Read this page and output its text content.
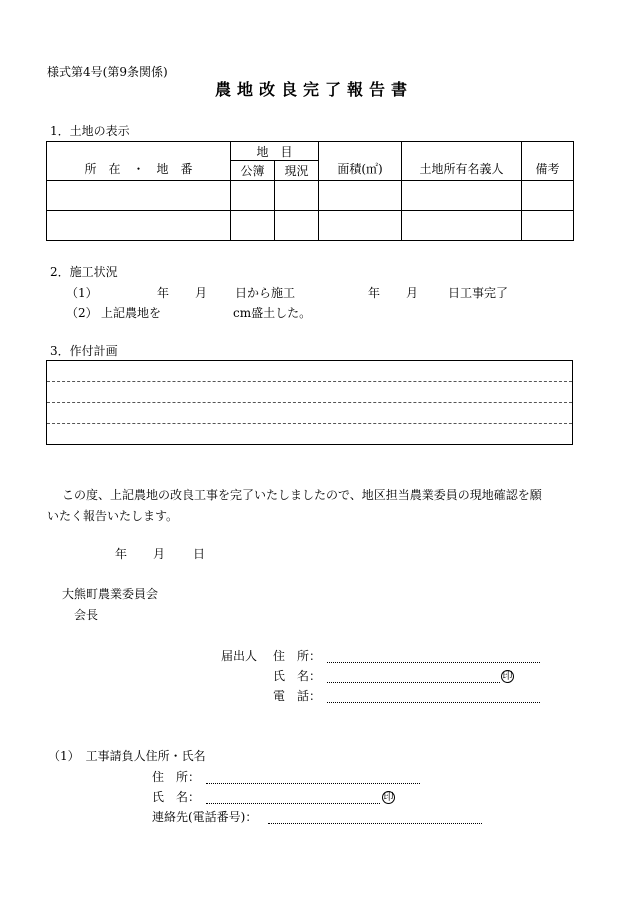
様式第4号(第9条関係)
農地改良完了報告書
1．土地の表示
所　在　・　地　番	地　目		面積(㎡)	土地所有名義人	備考
	公簿	現況			

2．施工状況
（1）	年 月 日から施工	年 月 日工事完了
（2） 上記農地を	cm盛土した。
3．作付計画
この度、上記農地の改良工事を完了いたしましたので、地区担当農業委員の現地確認を願
いたく報告いたします。
年 月 日
大熊町農業委員会
会長
届出人 住　所：
氏　名：	印
電　話：
（1）　工事請負人住所・氏名
住　所：
氏　名：	印
連絡先(電話番号)：
